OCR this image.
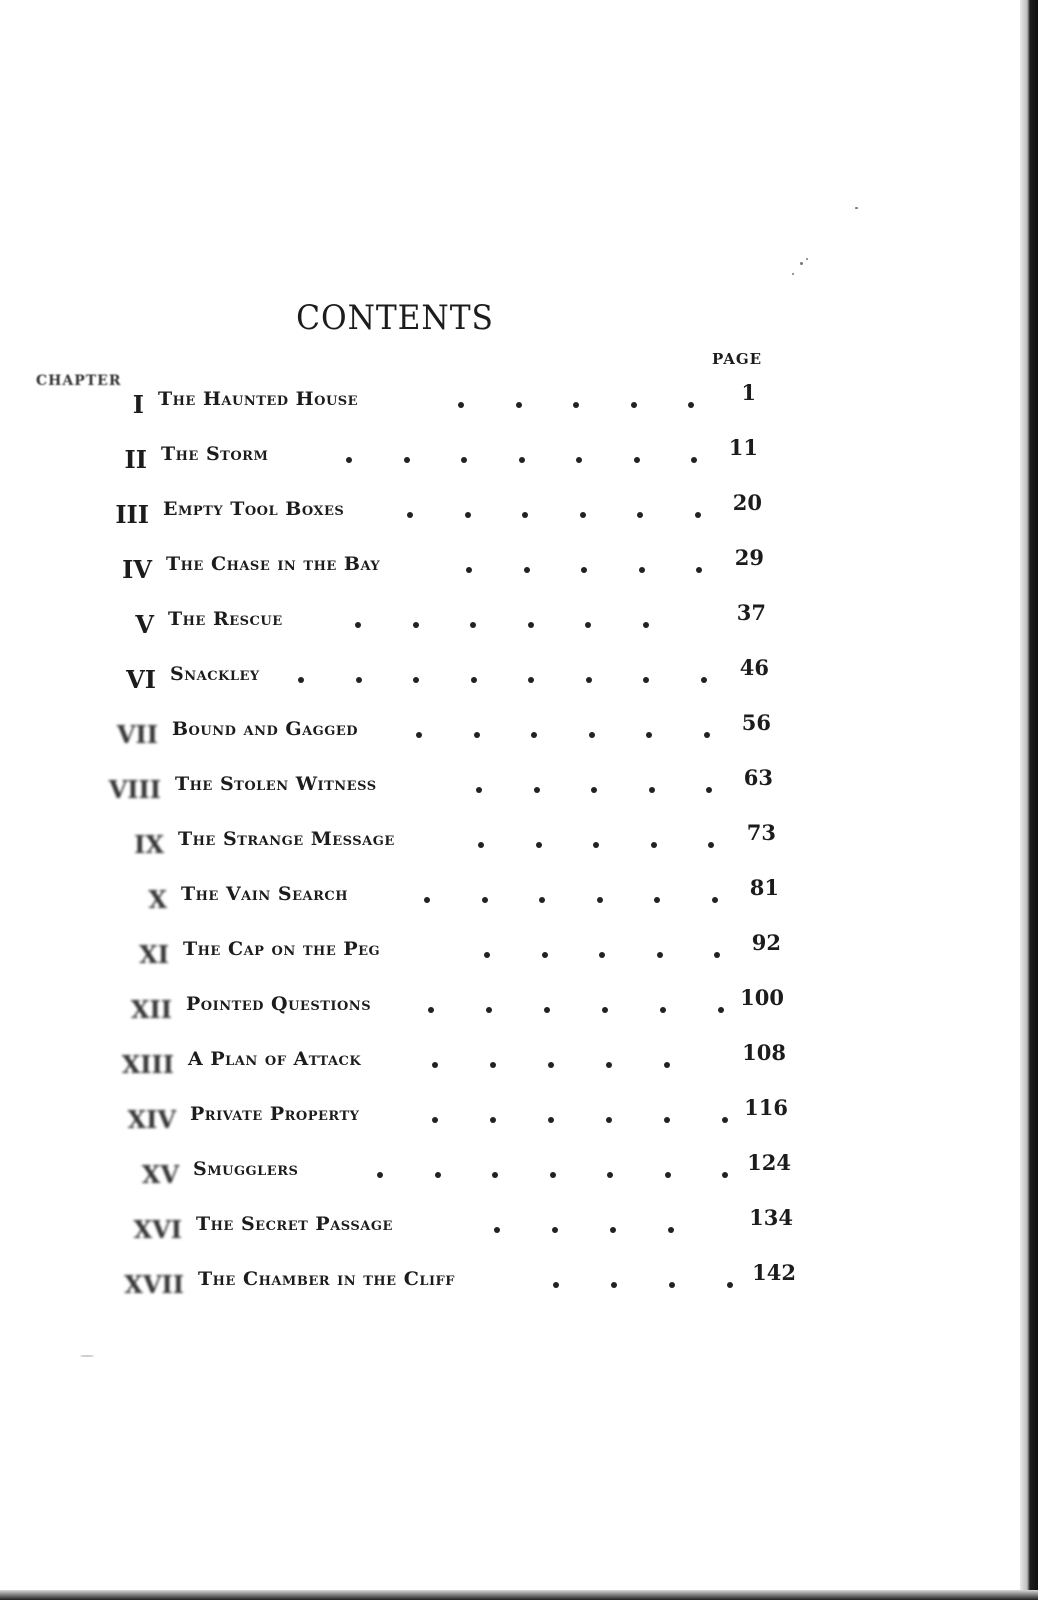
CONTENTS
PAGE
CHAPTER
I The Haunted House	1
II The Storm	11
III Empty Tool Boxes	20
IV The Chase in the Bay	29
V The Rescue	37
VI Snackley	46
VII Bound and Gagged	56
VIII The Stolen Witness	63
IX The Strange Message	73
X The Vain Search	81
XI The Cap on the Peg	92
XII Pointed Questions	100
XIII A Plan of Attack	108
XIV Private Property	116
XV Smugglers	124
XVI The Secret Passage	134
XVII The Chamber in the Cliff	142
